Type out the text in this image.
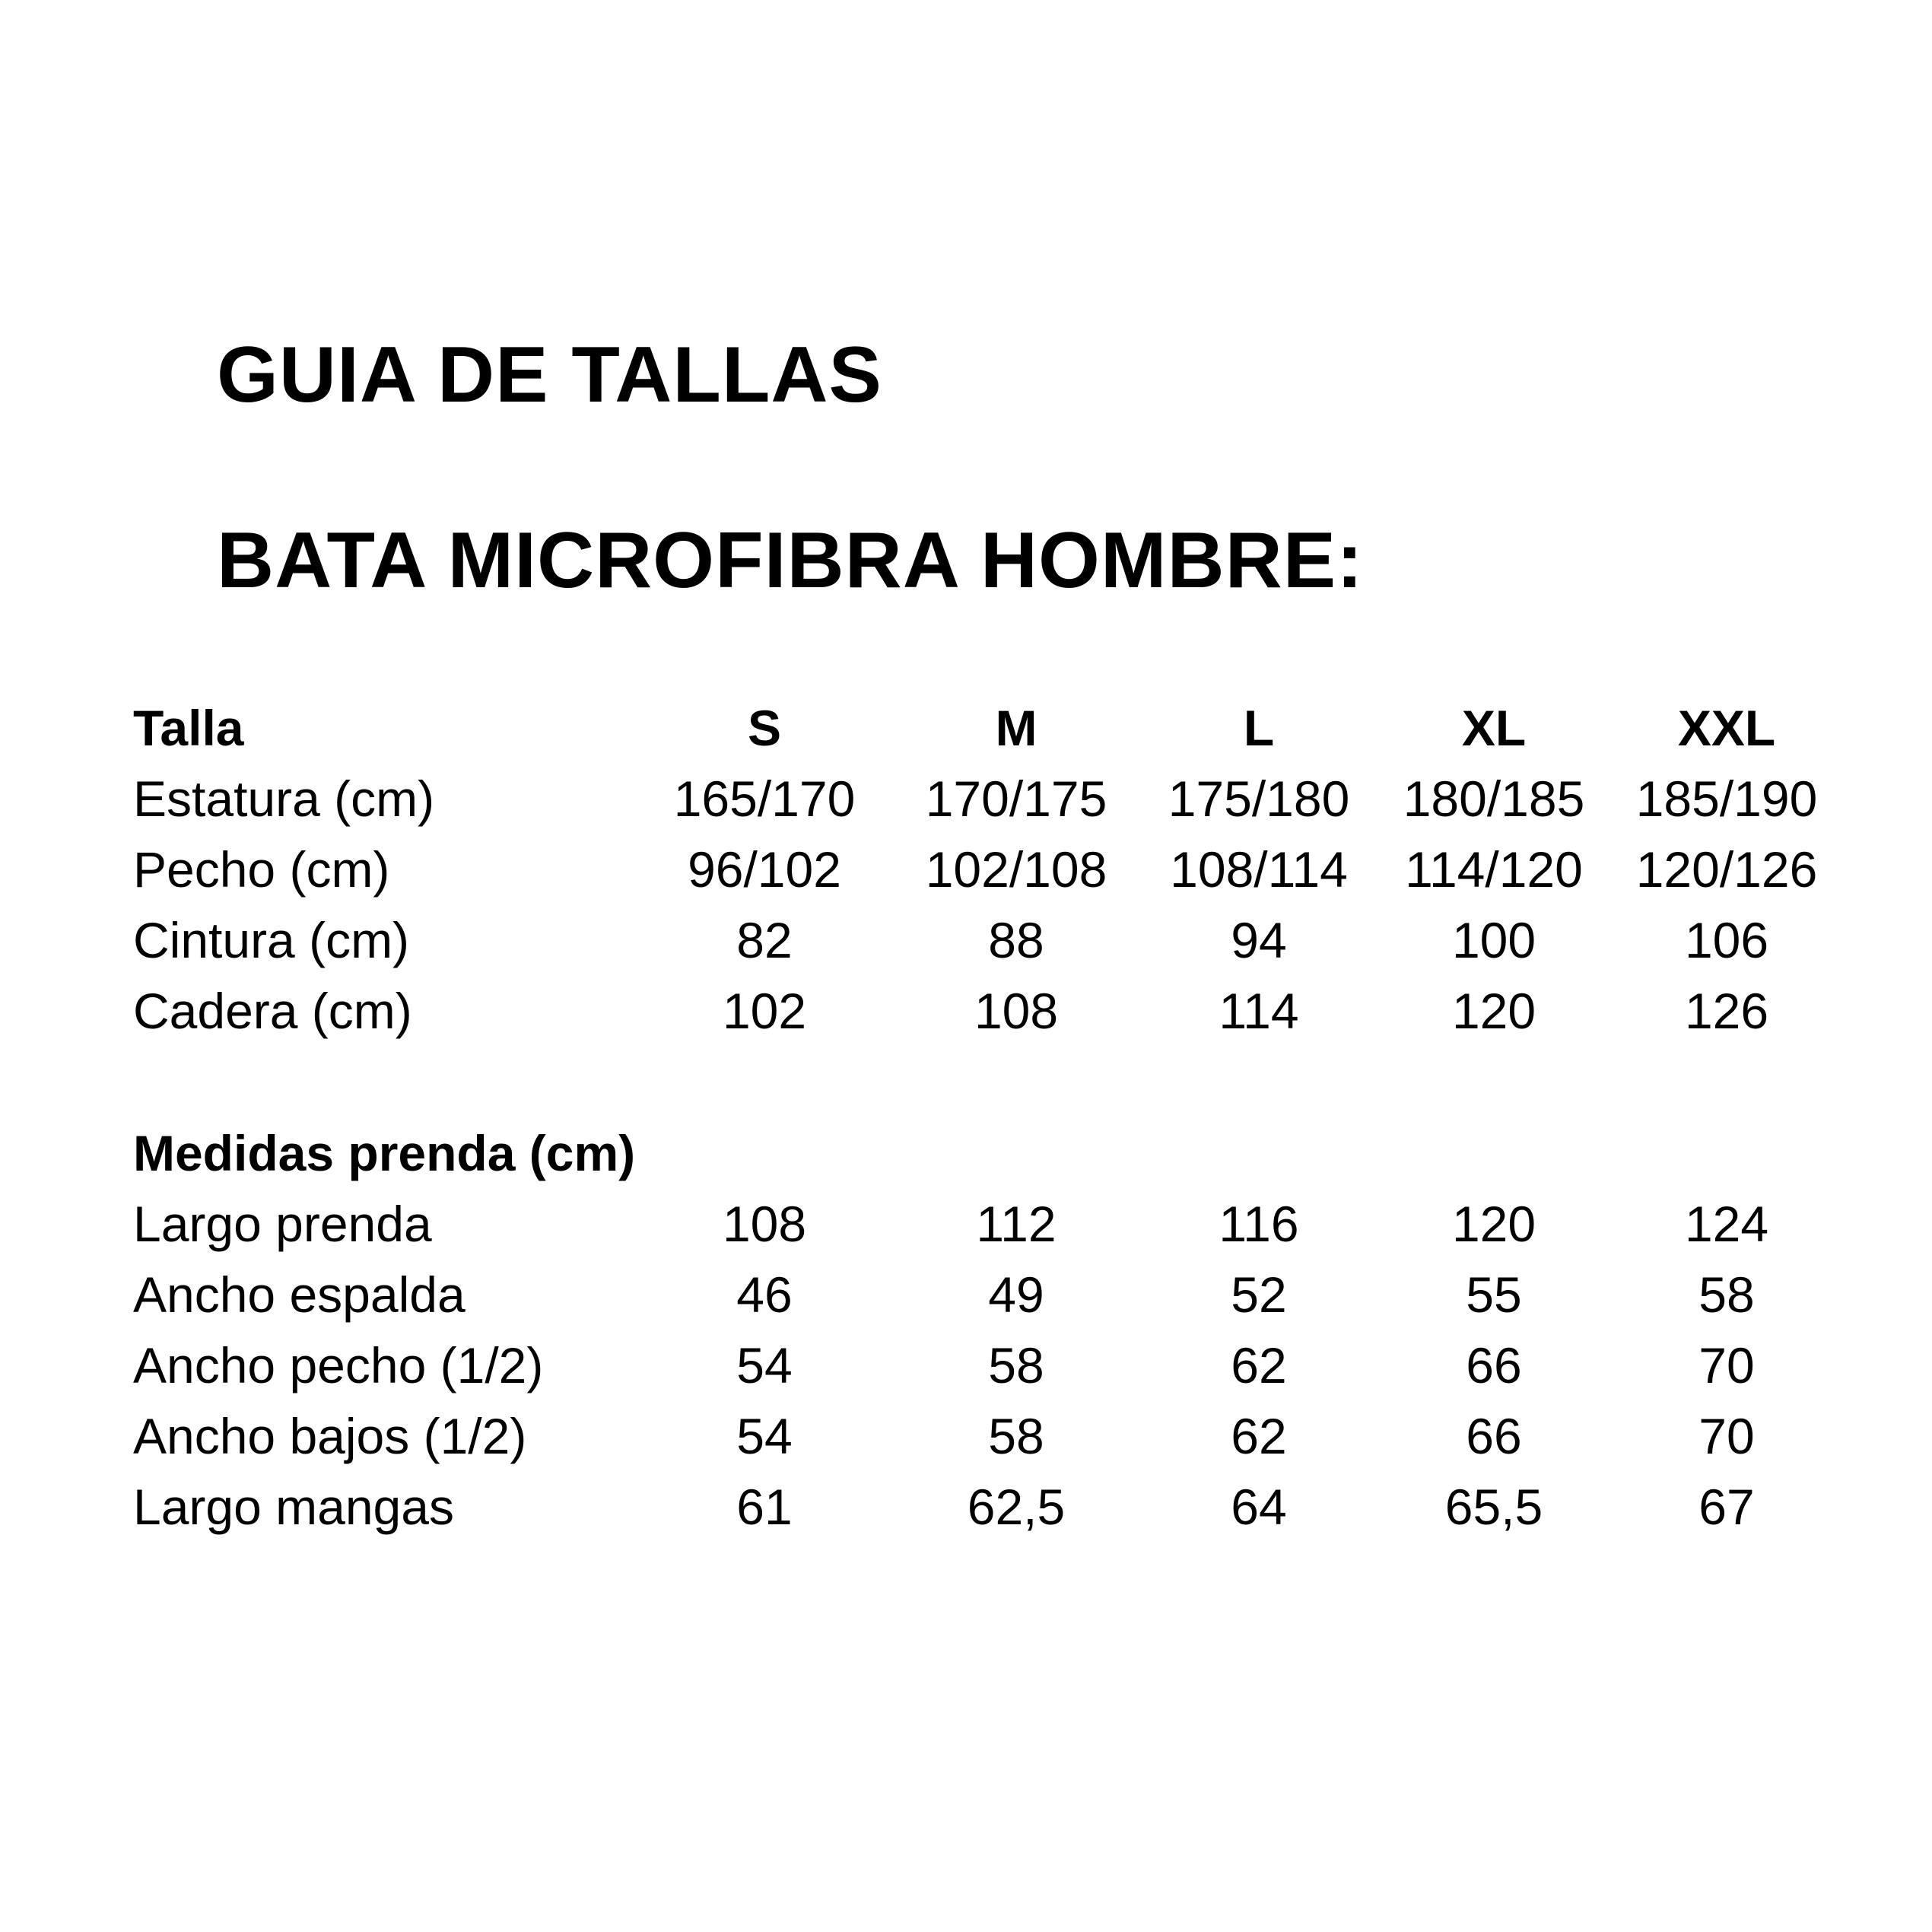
GUIA DE TALLAS
BATA MICROFIBRA HOMBRE:
Talla	S	M	L	XL	XXL
Estatura (cm)	165/170	170/175	175/180	180/185	185/190
Pecho (cm)	96/102	102/108	108/114	114/120	120/126
Cintura (cm)	82	88	94	100	106
Cadera (cm)	102	108	114	120	126
Medidas prenda (cm)
Largo prenda	108	112	116	120	124
Ancho espalda	46	49	52	55	58
Ancho pecho (1/2)	54	58	62	66	70
Ancho bajos (1/2)	54	58	62	66	70
Largo mangas	61	62,5	64	65,5	67
